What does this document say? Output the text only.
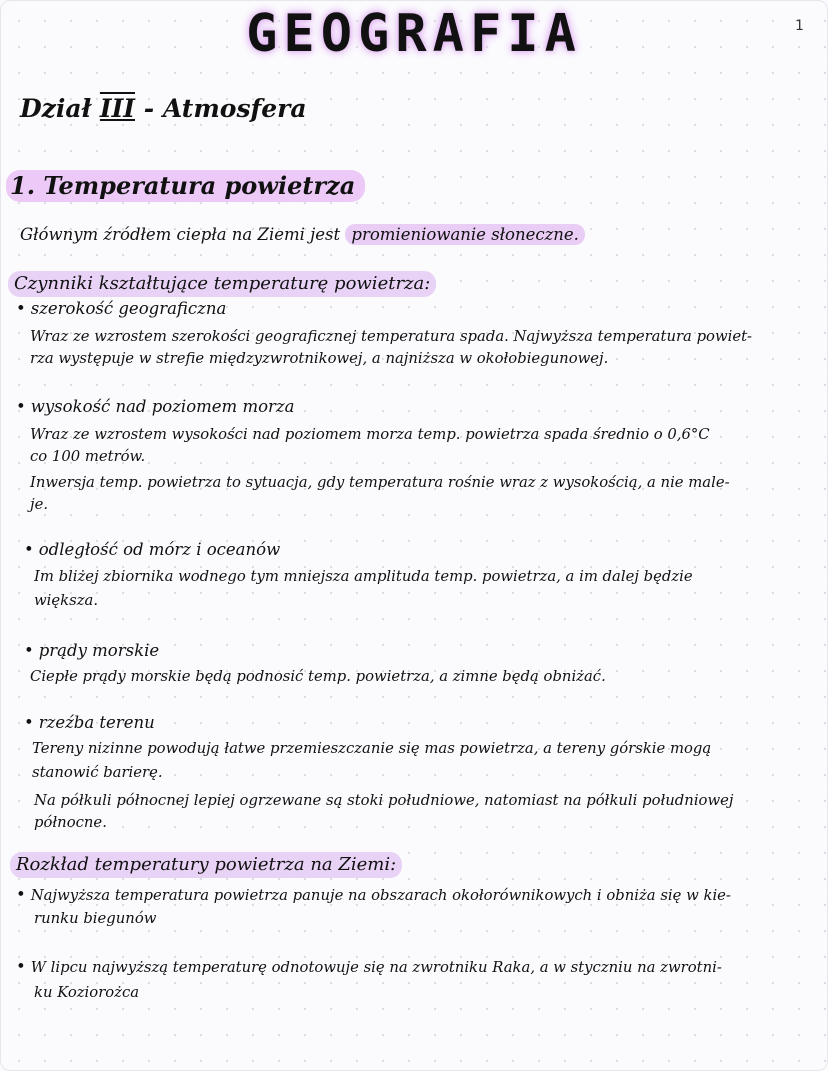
1
GEOGRAFIA
Dział III - Atmosfera
1. Temperatura powietrza
Głównym źródłem ciepła na Ziemi jest promieniowanie słoneczne.
Czynniki kształtujące temperaturę powietrza:
• szerokość geograficzna
Wraz ze wzrostem szerokości geograficznej temperatura spada. Najwyższa temperatura powiet-
rza występuje w strefie międzyzwrotnikowej, a najniższa w okołobiegunowej.
• wysokość nad poziomem morza
Wraz ze wzrostem wysokości nad poziomem morza temp. powietrza spada średnio o 0,6°C
co 100 metrów.
Inwersja temp. powietrza to sytuacja, gdy temperatura rośnie wraz z wysokością, a nie male-
je.
• odległość od mórz i oceanów
Im bliżej zbiornika wodnego tym mniejsza amplituda temp. powietrza, a im dalej będzie
większa.
• prądy morskie
Ciepłe prądy morskie będą podnosić temp. powietrza, a zimne będą obniżać.
• rzeźba terenu
Tereny nizinne powodują łatwe przemieszczanie się mas powietrza, a tereny górskie mogą
stanowić barierę.
Na półkuli północnej lepiej ogrzewane są stoki południowe, natomiast na półkuli południowej
północne.
Rozkład temperatury powietrza na Ziemi:
• Najwyższa temperatura powietrza panuje na obszarach okołorównikowych i obniża się w kie-
runku biegunów
• W lipcu najwyższą temperaturę odnotowuje się na zwrotniku Raka, a w styczniu na zwrotni-
ku Koziorożca
